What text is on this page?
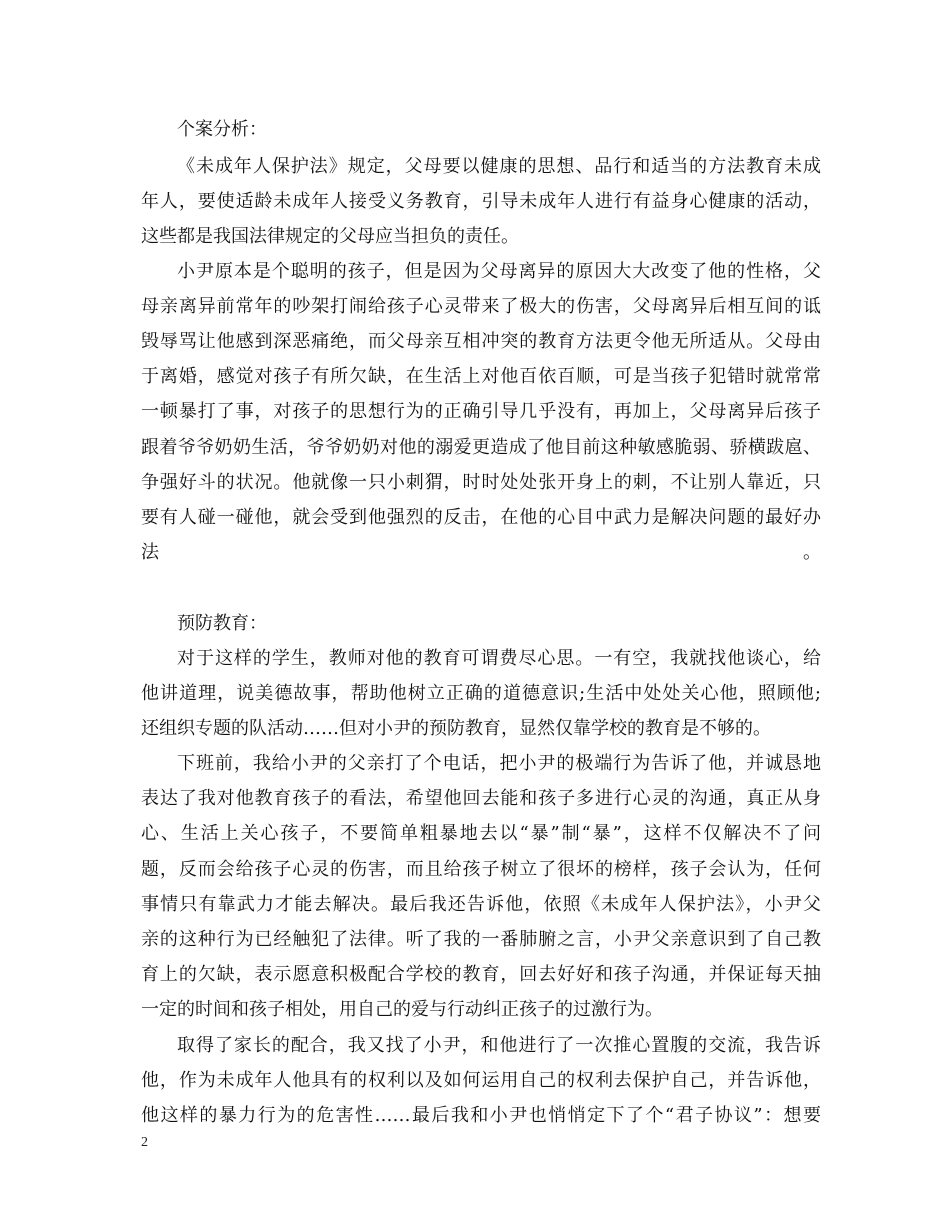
个案分析：
《未成年人保护法》规定，父母要以健康的思想、品行和适当的方法教育未成
年人，要使适龄未成年人接受义务教育，引导未成年人进行有益身心健康的活动，
这些都是我国法律规定的父母应当担负的责任。
小尹原本是个聪明的孩子，但是因为父母离异的原因大大改变了他的性格，父
母亲离异前常年的吵架打闹给孩子心灵带来了极大的伤害，父母离异后相互间的诋
毁辱骂让他感到深恶痛绝，而父母亲互相冲突的教育方法更令他无所适从。父母由
于离婚，感觉对孩子有所欠缺，在生活上对他百依百顺，可是当孩子犯错时就常常
一顿暴打了事，对孩子的思想行为的正确引导几乎没有，再加上，父母离异后孩子
跟着爷爷奶奶生活，爷爷奶奶对他的溺爱更造成了他目前这种敏感脆弱、骄横跋扈、
争强好斗的状况。他就像一只小刺猬，时时处处张开身上的刺，不让别人靠近，只
要有人碰一碰他，就会受到他强烈的反击，在他的心目中武力是解决问题的最好办
法。
预防教育：
对于这样的学生，教师对他的教育可谓费尽心思。一有空，我就找他谈心，给
他讲道理，说美德故事，帮助他树立正确的道德意识;生活中处处关心他，照顾他;
还组织专题的队活动……但对小尹的预防教育，显然仅靠学校的教育是不够的。
下班前，我给小尹的父亲打了个电话，把小尹的极端行为告诉了他，并诚恳地
表达了我对他教育孩子的看法，希望他回去能和孩子多进行心灵的沟通，真正从身
心、生活上关心孩子，不要简单粗暴地去以“暴”制“暴”，这样不仅解决不了问
题，反而会给孩子心灵的伤害，而且给孩子树立了很坏的榜样，孩子会认为，任何
事情只有靠武力才能去解决。最后我还告诉他，依照《未成年人保护法》，小尹父
亲的这种行为已经触犯了法律。听了我的一番肺腑之言，小尹父亲意识到了自己教
育上的欠缺，表示愿意积极配合学校的教育，回去好好和孩子沟通，并保证每天抽
一定的时间和孩子相处，用自己的爱与行动纠正孩子的过激行为。
取得了家长的配合，我又找了小尹，和他进行了一次推心置腹的交流，我告诉
他，作为未成年人他具有的权利以及如何运用自己的权利去保护自己，并告诉他，
他这样的暴力行为的危害性……最后我和小尹也悄悄定下了个“君子协议”：想要
2
